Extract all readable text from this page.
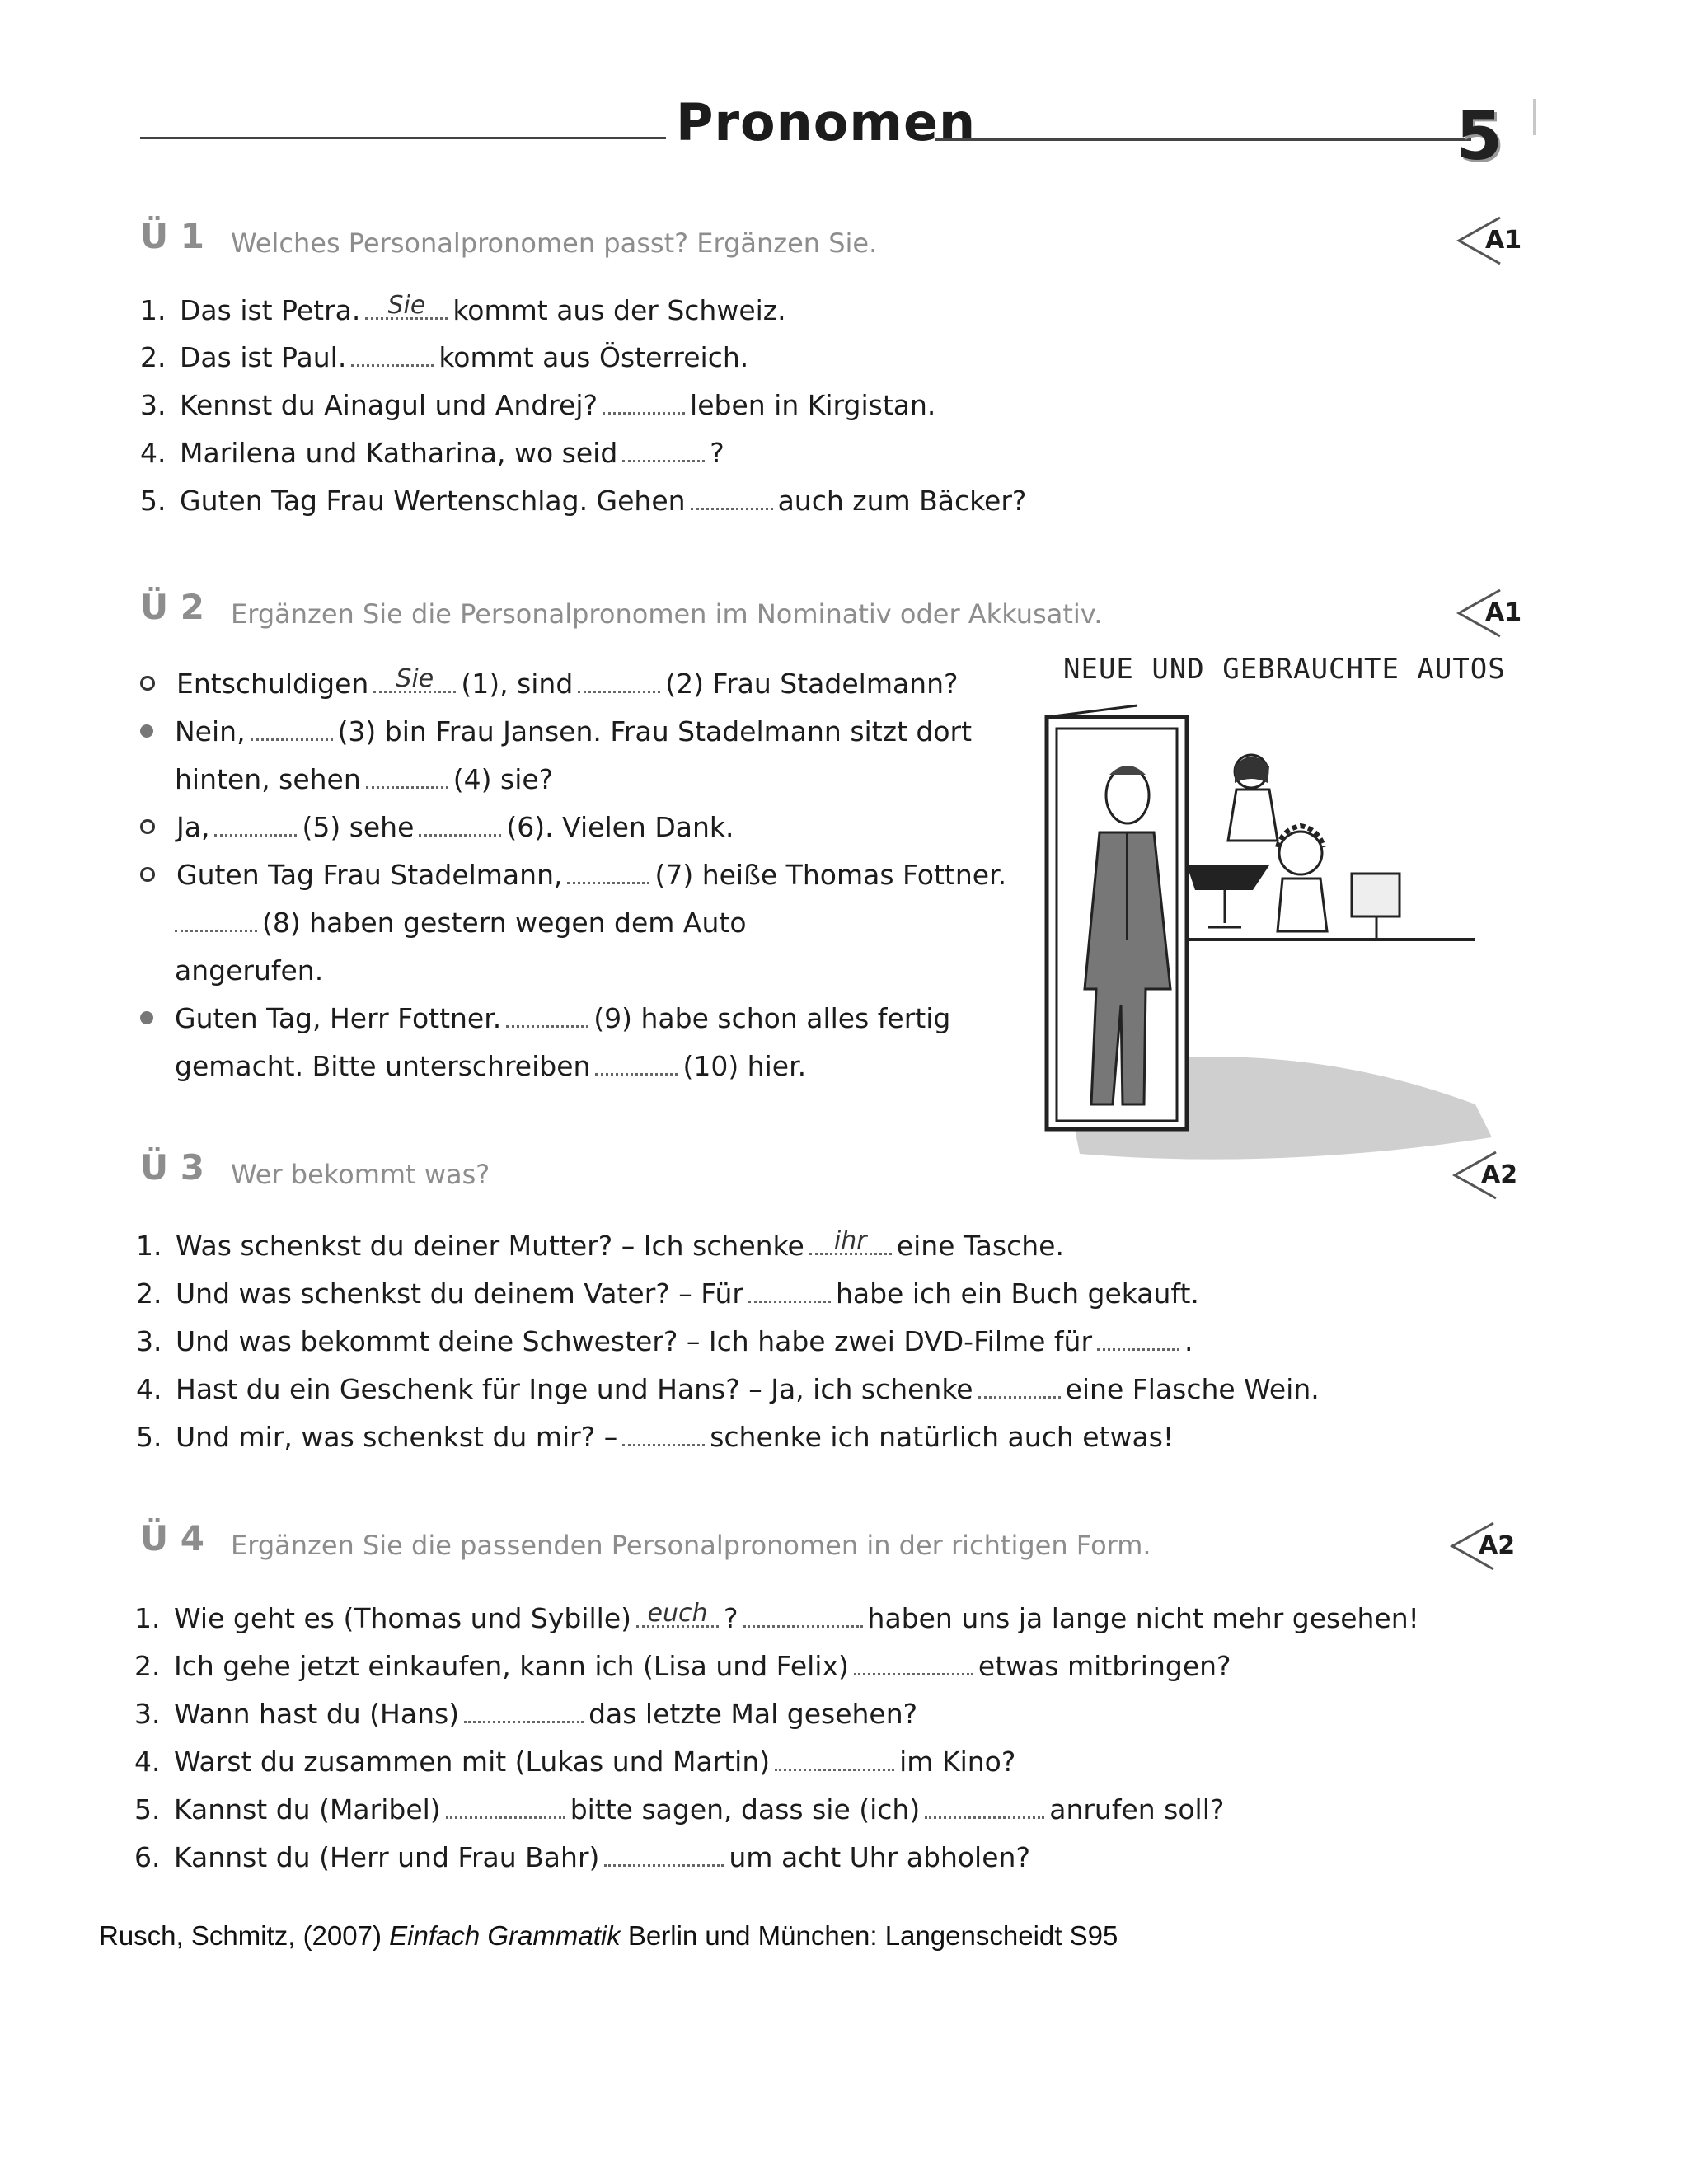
Pronomen	5
Ü 1 Welches Personalpronomen passt? Ergänzen Sie.	A1
1. Das ist Petra. Sie kommt aus der Schweiz.
2. Das ist Paul.	kommt aus Österreich.
3. Kennst du Ainagul und Andrej?	leben in Kirgistan.
4. Marilena und Katharina, wo seid	?
5. Guten Tag Frau Wertenschlag. Gehen	auch zum Bäcker?
Ü 2 Ergänzen Sie die Personalpronomen im Nominativ oder Akkusativ.	A1
Entschuldigen Sie (1), sind	(2) Frau Stadelmann?
Nein,	(3) bin Frau Jansen. Frau Stadelmann sitzt dort
hinten, sehen	(4) sie?
Ja,	(5) sehe	(6). Vielen Dank.
Guten Tag Frau Stadelmann,	(7) heiße Thomas Fottner.
(8) haben gestern wegen dem Auto
angerufen.
Guten Tag, Herr Fottner.	(9) habe schon alles fertig
gemacht. Bitte unterschreiben	(10) hier.
NEUE UND GEBRAUCHTE AUTOS
Ü 3 Wer bekommt was?	A2
1. Was schenkst du deiner Mutter? – Ich schenke ihr eine Tasche.
2. Und was schenkst du deinem Vater? – Für	habe ich ein Buch gekauft.
3. Und was bekommt deine Schwester? – Ich habe zwei DVD-Filme für	.
4. Hast du ein Geschenk für Inge und Hans? – Ja, ich schenke	eine Flasche Wein.
5. Und mir, was schenkst du mir? –	schenke ich natürlich auch etwas!
Ü 4 Ergänzen Sie die passenden Personalpronomen in der richtigen Form.	A2
1. Wie geht es (Thomas und Sybille) euch ?	haben uns ja lange nicht mehr gesehen!
2. Ich gehe jetzt einkaufen, kann ich (Lisa und Felix)	etwas mitbringen?
3. Wann hast du (Hans)	das letzte Mal gesehen?
4. Warst du zusammen mit (Lukas und Martin)	im Kino?
5. Kannst du (Maribel)	bitte sagen, dass sie (ich)	anrufen soll?
6. Kannst du (Herr und Frau Bahr)	um acht Uhr abholen?
Rusch, Schmitz, (2007) Einfach Grammatik Berlin und München: Langenscheidt S95
